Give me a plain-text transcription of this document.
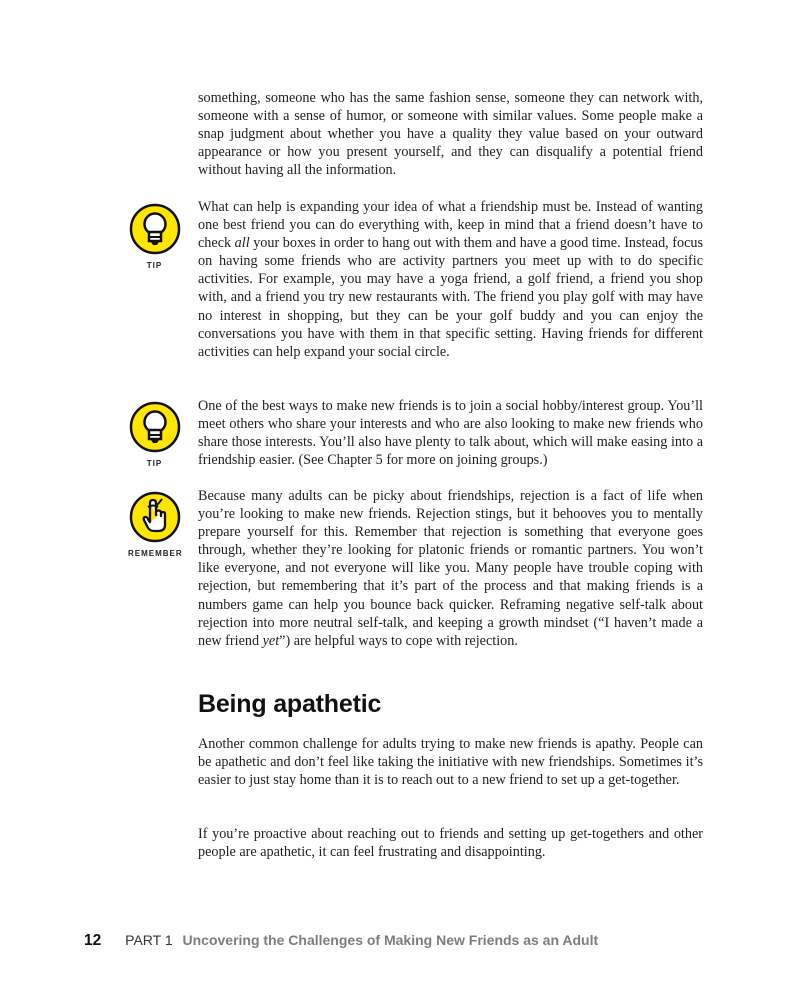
something, someone who has the same fashion sense, someone they can network with, someone with a sense of humor, or someone with similar values. Some people make a snap judgment about whether you have a quality they value based on your outward appearance or how you present yourself, and they can disqualify a potential friend without having all the information.

TIP

What can help is expanding your idea of what a friendship must be. Instead of wanting one best friend you can do everything with, keep in mind that a friend doesn’t have to check all your boxes in order to hang out with them and have a good time. Instead, focus on having some friends who are activity partners you meet up with to do specific activities. For example, you may have a yoga friend, a golf friend, a friend you shop with, and a friend you try new restaurants with. The friend you play golf with may have no interest in shopping, but they can be your golf buddy and you can enjoy the conversations you have with them in that specific setting. Having friends for different activities can help expand your social circle.

TIP

One of the best ways to make new friends is to join a social hobby/interest group. You’ll meet others who share your interests and who are also looking to make new friends who share those interests. You’ll also have plenty to talk about, which will make easing into a friendship easier. (See Chapter 5 for more on joining groups.)

REMEMBER

Because many adults can be picky about friendships, rejection is a fact of life when you’re looking to make new friends. Rejection stings, but it behooves you to mentally prepare yourself for this. Remember that rejection is something that everyone goes through, whether they’re looking for platonic friends or romantic partners. You won’t like everyone, and not everyone will like you. Many people have trouble coping with rejection, but remembering that it’s part of the process and that making friends is a numbers game can help you bounce back quicker. Reframing negative self-talk about rejection into more neutral self-talk, and keeping a growth mindset (“I haven’t made a new friend yet”) are helpful ways to cope with rejection.

Being apathetic

Another common challenge for adults trying to make new friends is apathy. People can be apathetic and don’t feel like taking the initiative with new friendships. Sometimes it’s easier to just stay home than it is to reach out to a new friend to set up a get-together.

If you’re proactive about reaching out to friends and setting up get-togethers and other people are apathetic, it can feel frustrating and disappointing.

12 PART 1 Uncovering the Challenges of Making New Friends as an Adult
